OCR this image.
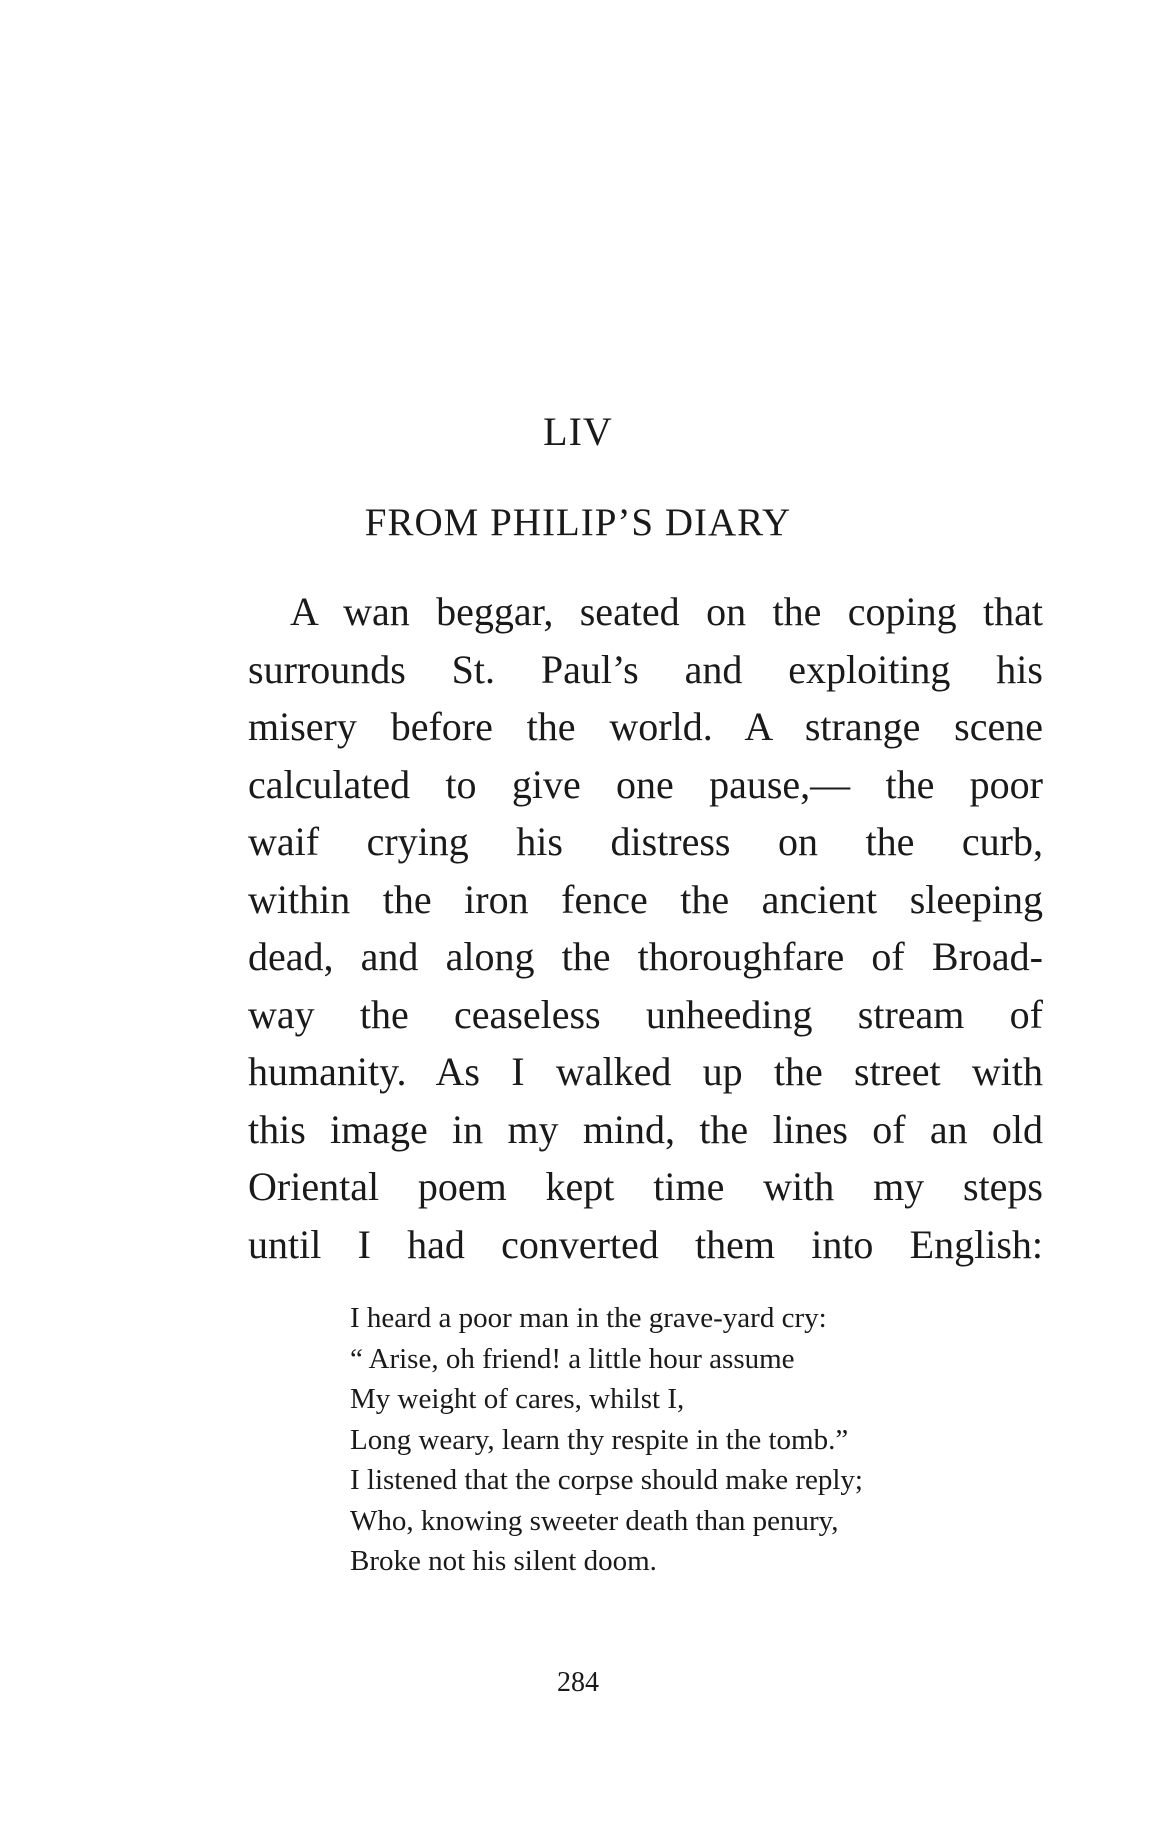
LIV
FROM PHILIP’S DIARY
A wan beggar, seated on the coping that
surrounds St. Paul’s and exploiting his
misery before the world. A strange scene
calculated to give one pause,— the poor
waif crying his distress on the curb,
within the iron fence the ancient sleeping
dead, and along the thoroughfare of Broad-
way the ceaseless unheeding stream of
humanity. As I walked up the street with
this image in my mind, the lines of an old
Oriental poem kept time with my steps
until I had converted them into English:
I heard a poor man in the grave-yard cry:
“ Arise, oh friend! a little hour assume
My weight of cares, whilst I,
Long weary, learn thy respite in the tomb.”
I listened that the corpse should make reply;
Who, knowing sweeter death than penury,
Broke not his silent doom.
284
